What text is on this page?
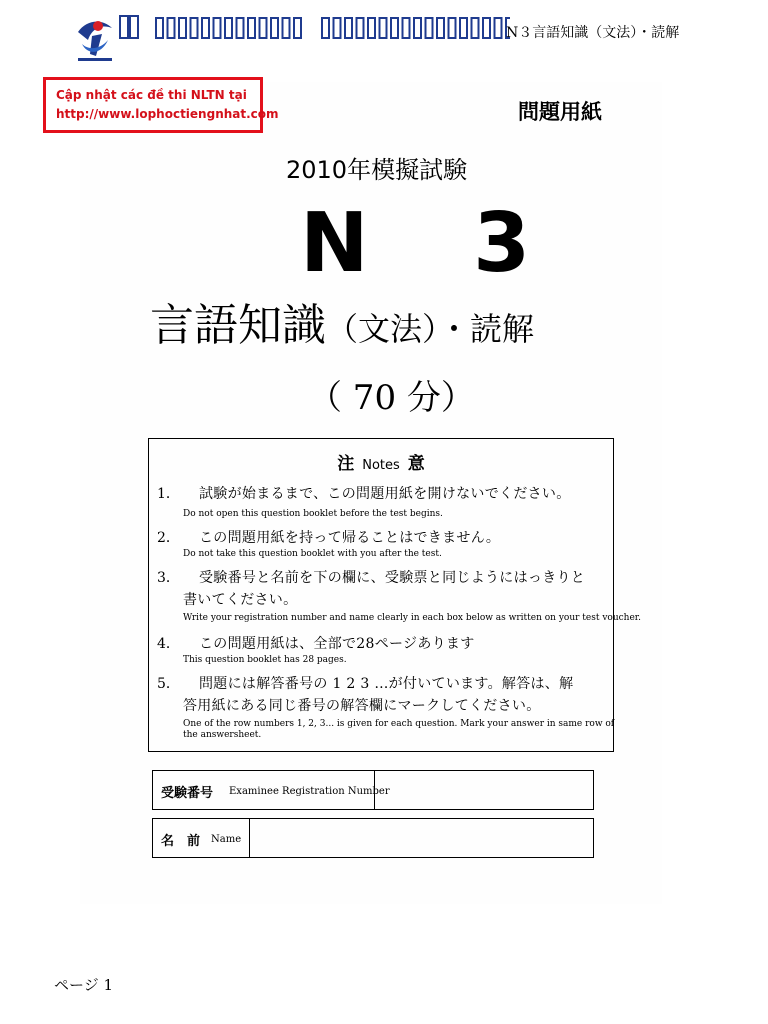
N３言語知識（文法）・読解
Cập nhật các đề thi NLTN tại
http://www.lophoctiengnhat.com	問題用紙
2010年模擬試験
N 3
言語知識（文法）・読解
（ 70 分）
注 Notes 意
1． 試験が始まるまで、この問題用紙を開けないでください。
Do not open this question booklet before the test begins.
2． この問題用紙を持って帰ることはできません。
Do not take this question booklet with you after the test.
3． 受験番号と名前を下の欄に、受験票と同じようにはっきりと
書いてください。
Write your registration number and name clearly in each box below as written on your test voucher.
4． この問題用紙は、全部で28ページあります
This question booklet has 28 pages.
5． 問題には解答番号の 1 2 3 …が付いています。解答は、解
答用紙にある同じ番号の解答欄にマークしてください。
One of the row numbers 1, 2, 3... is given for each question. Mark your answer in same row of
the answersheet.
受験番号 Examinee Registration Number
名　前 Name
ページ 1
